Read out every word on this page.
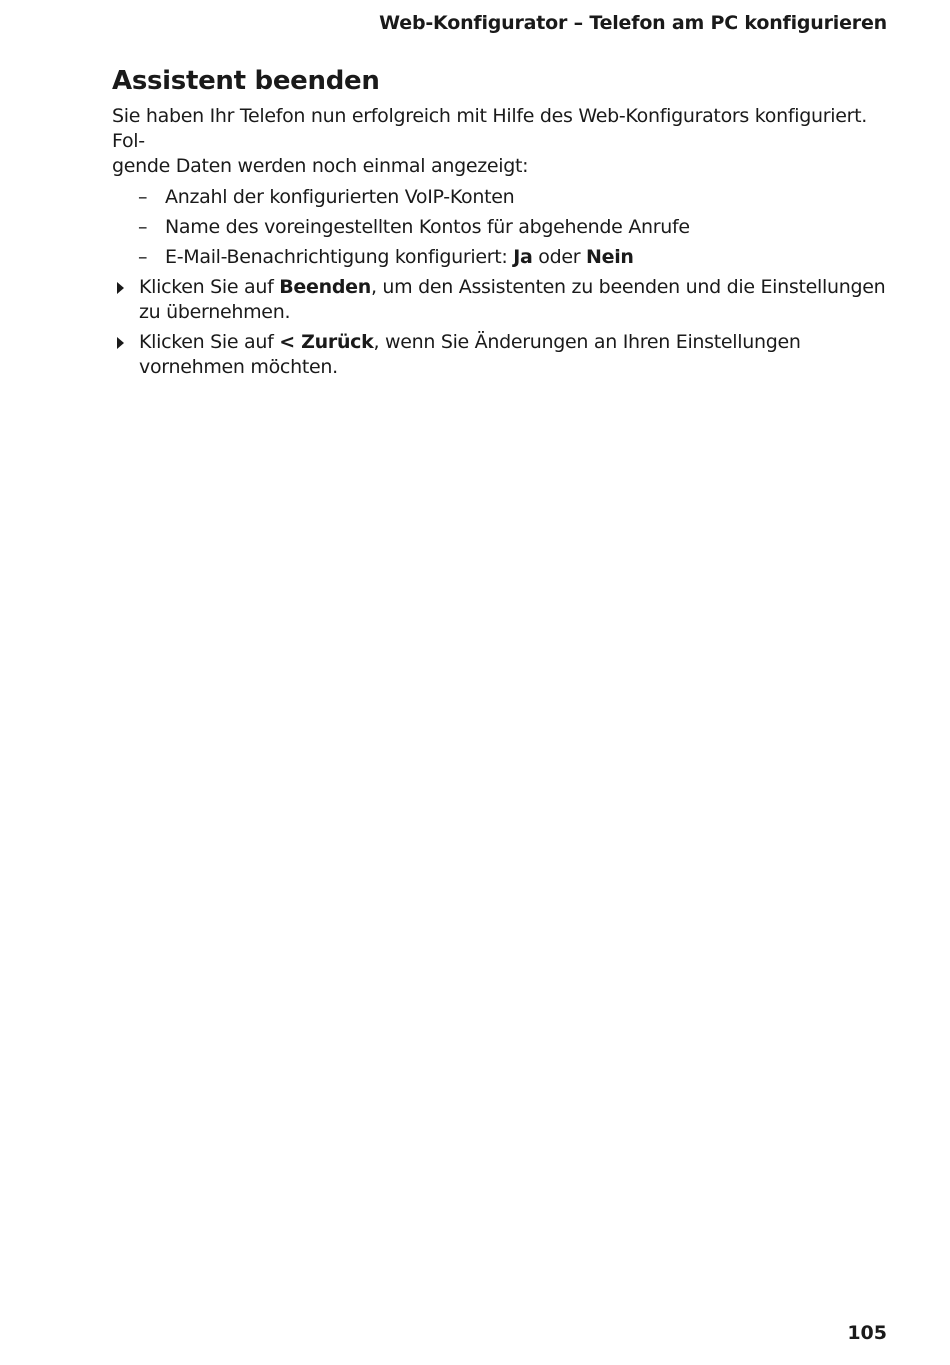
Web-Konfigurator – Telefon am PC konfigurieren
Assistent beenden

Sie haben Ihr Telefon nun erfolgreich mit Hilfe des Web-Konfigurators konfiguriert. Fol-
gende Daten werden noch einmal angezeigt:

– Anzahl der konfigurierten VoIP-Konten
– Name des voreingestellten Kontos für abgehende Anrufe
– E-Mail-Benachrichtigung konfiguriert: Ja oder Nein
Klicken Sie auf Beenden, um den Assistenten zu beenden und die Einstellungen zu übernehmen.
Klicken Sie auf < Zurück, wenn Sie Änderungen an Ihren Einstellungen vornehmen möchten.
105
